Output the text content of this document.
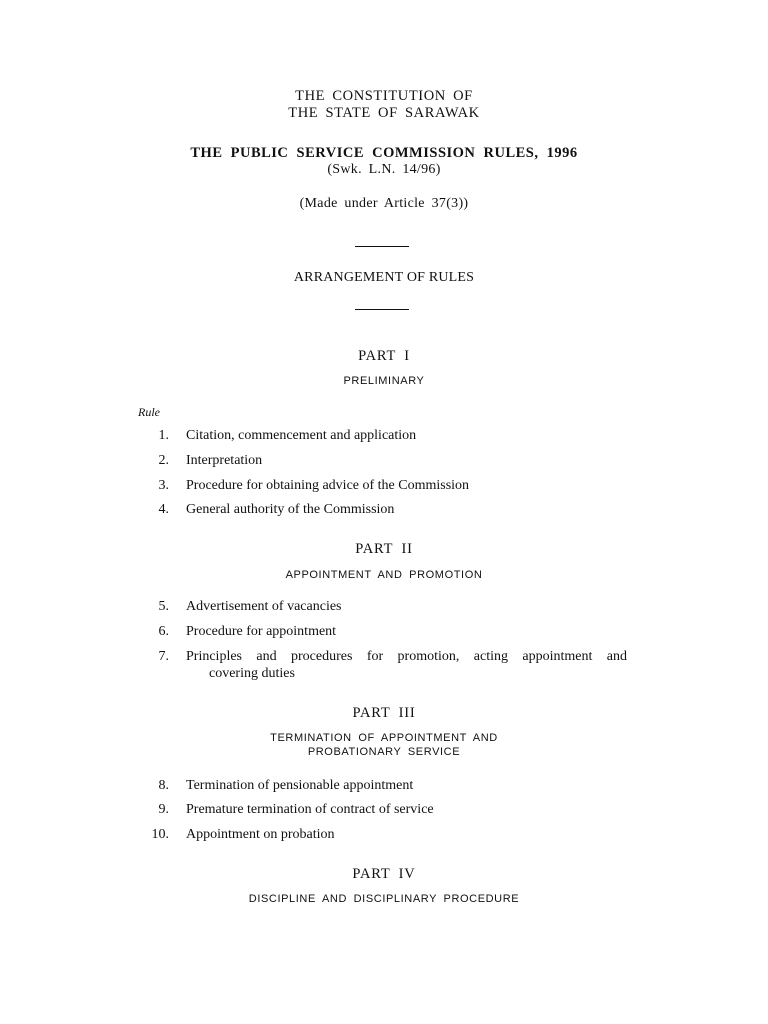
THE CONSTITUTION OF
THE STATE OF SARAWAK
THE PUBLIC SERVICE COMMISSION RULES, 1996
(Swk. L.N. 14/96)
(Made under Article 37(3))
ARRANGEMENT OF RULES
PART I
PRELIMINARY
Rule
1. Citation, commencement and application
2. Interpretation
3. Procedure for obtaining advice of the Commission
4. General authority of the Commission
PART II
APPOINTMENT AND PROMOTION
5. Advertisement of vacancies
6. Procedure for appointment
7. Principles and procedures for promotion, acting appointment and
covering duties
PART III
TERMINATION OF APPOINTMENT AND
PROBATIONARY SERVICE
8. Termination of pensionable appointment
9. Premature termination of contract of service
10. Appointment on probation
PART IV
DISCIPLINE AND DISCIPLINARY PROCEDURE
